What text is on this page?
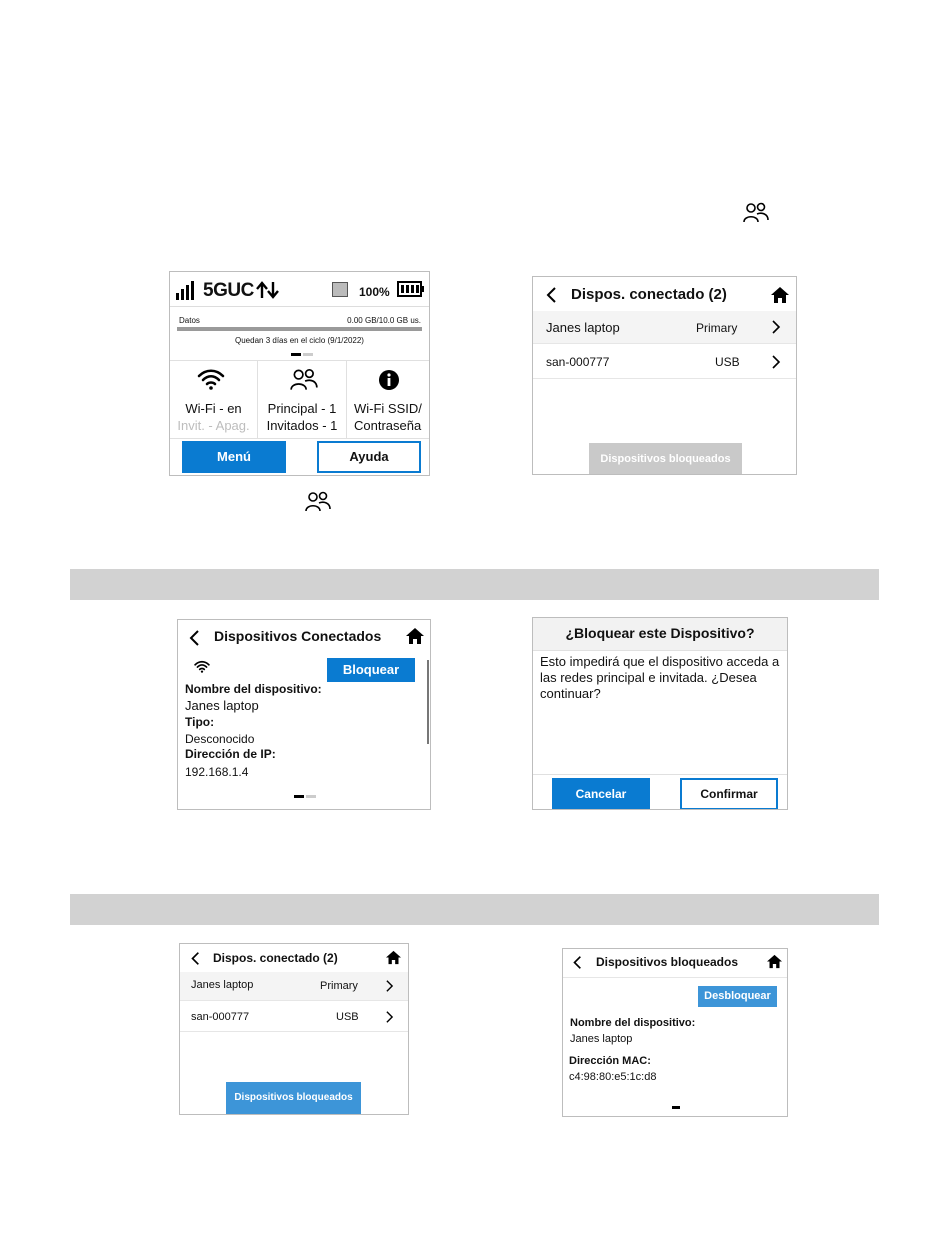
5GUC	100%
Datos	0.00 GB/10.0 GB us.
Quedan 3 días en el ciclo (9/1/2022)
Wi-Fi - en
Invit. - Apag.
Principal - 1
Invitados - 1
Wi-Fi SSID/
Contraseña
Menú	Ayuda
Dispos. conectado (2)
Janes laptop	Primary
san-000777	USB
Dispositivos bloqueados
Dispositivos Conectados
Bloquear
Nombre del dispositivo:
Janes laptop
Tipo:
Desconocido
Dirección de IP:
192.168.1.4
¿Bloquear este Dispositivo?
Esto impedirá que el dispositivo acceda a las redes principal e invitada. ¿Desea continuar?
Cancelar	Confirmar
Dispos. conectado (2)
Janes laptop	Primary
san-000777	USB
Dispositivos bloqueados
Dispositivos bloqueados
Desbloquear
Nombre del dispositivo:
Janes laptop
Dirección MAC:
c4:98:80:e5:1c:d8
